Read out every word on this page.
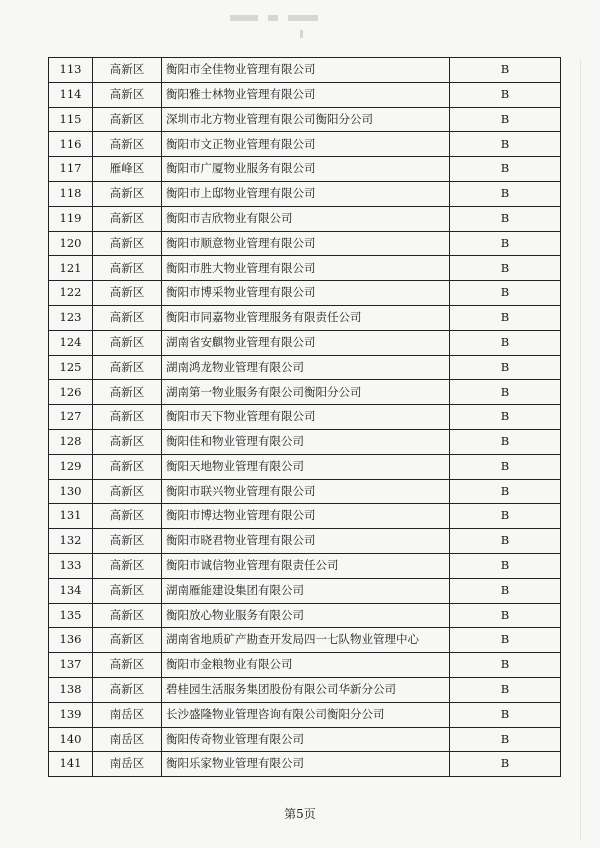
113	高新区	衡阳市全佳物业管理有限公司	B
114	高新区	衡阳雅士林物业管理有限公司	B
115	高新区	深圳市北方物业管理有限公司衡阳分公司	B
116	高新区	衡阳市文正物业管理有限公司	B
117	雁峰区	衡阳市广厦物业服务有限公司	B
118	高新区	衡阳市上邸物业管理有限公司	B
119	高新区	衡阳市吉欣物业有限公司	B
120	高新区	衡阳市顺意物业管理有限公司	B
121	高新区	衡阳市胜大物业管理有限公司	B
122	高新区	衡阳市博采物业管理有限公司	B
123	高新区	衡阳市同嘉物业管理服务有限责任公司	B
124	高新区	湖南省安麒物业管理有限公司	B
125	高新区	湖南鸿龙物业管理有限公司	B
126	高新区	湖南第一物业服务有限公司衡阳分公司	B
127	高新区	衡阳市天下物业管理有限公司	B
128	高新区	衡阳佳和物业管理有限公司	B
129	高新区	衡阳天地物业管理有限公司	B
130	高新区	衡阳市联兴物业管理有限公司	B
131	高新区	衡阳市博达物业管理有限公司	B
132	高新区	衡阳市晓君物业管理有限公司	B
133	高新区	衡阳市诚信物业管理有限责任公司	B
134	高新区	湖南雁能建设集团有限公司	B
135	高新区	衡阳放心物业服务有限公司	B
136	高新区	湖南省地质矿产勘查开发局四一七队物业管理中心	B
137	高新区	衡阳市金粮物业有限公司	B
138	高新区	碧桂园生活服务集团股份有限公司华新分公司	B
139	南岳区	长沙盛隆物业管理咨询有限公司衡阳分公司	B
140	南岳区	衡阳传奇物业管理有限公司	B
141	南岳区	衡阳乐家物业管理有限公司	B
第5页
